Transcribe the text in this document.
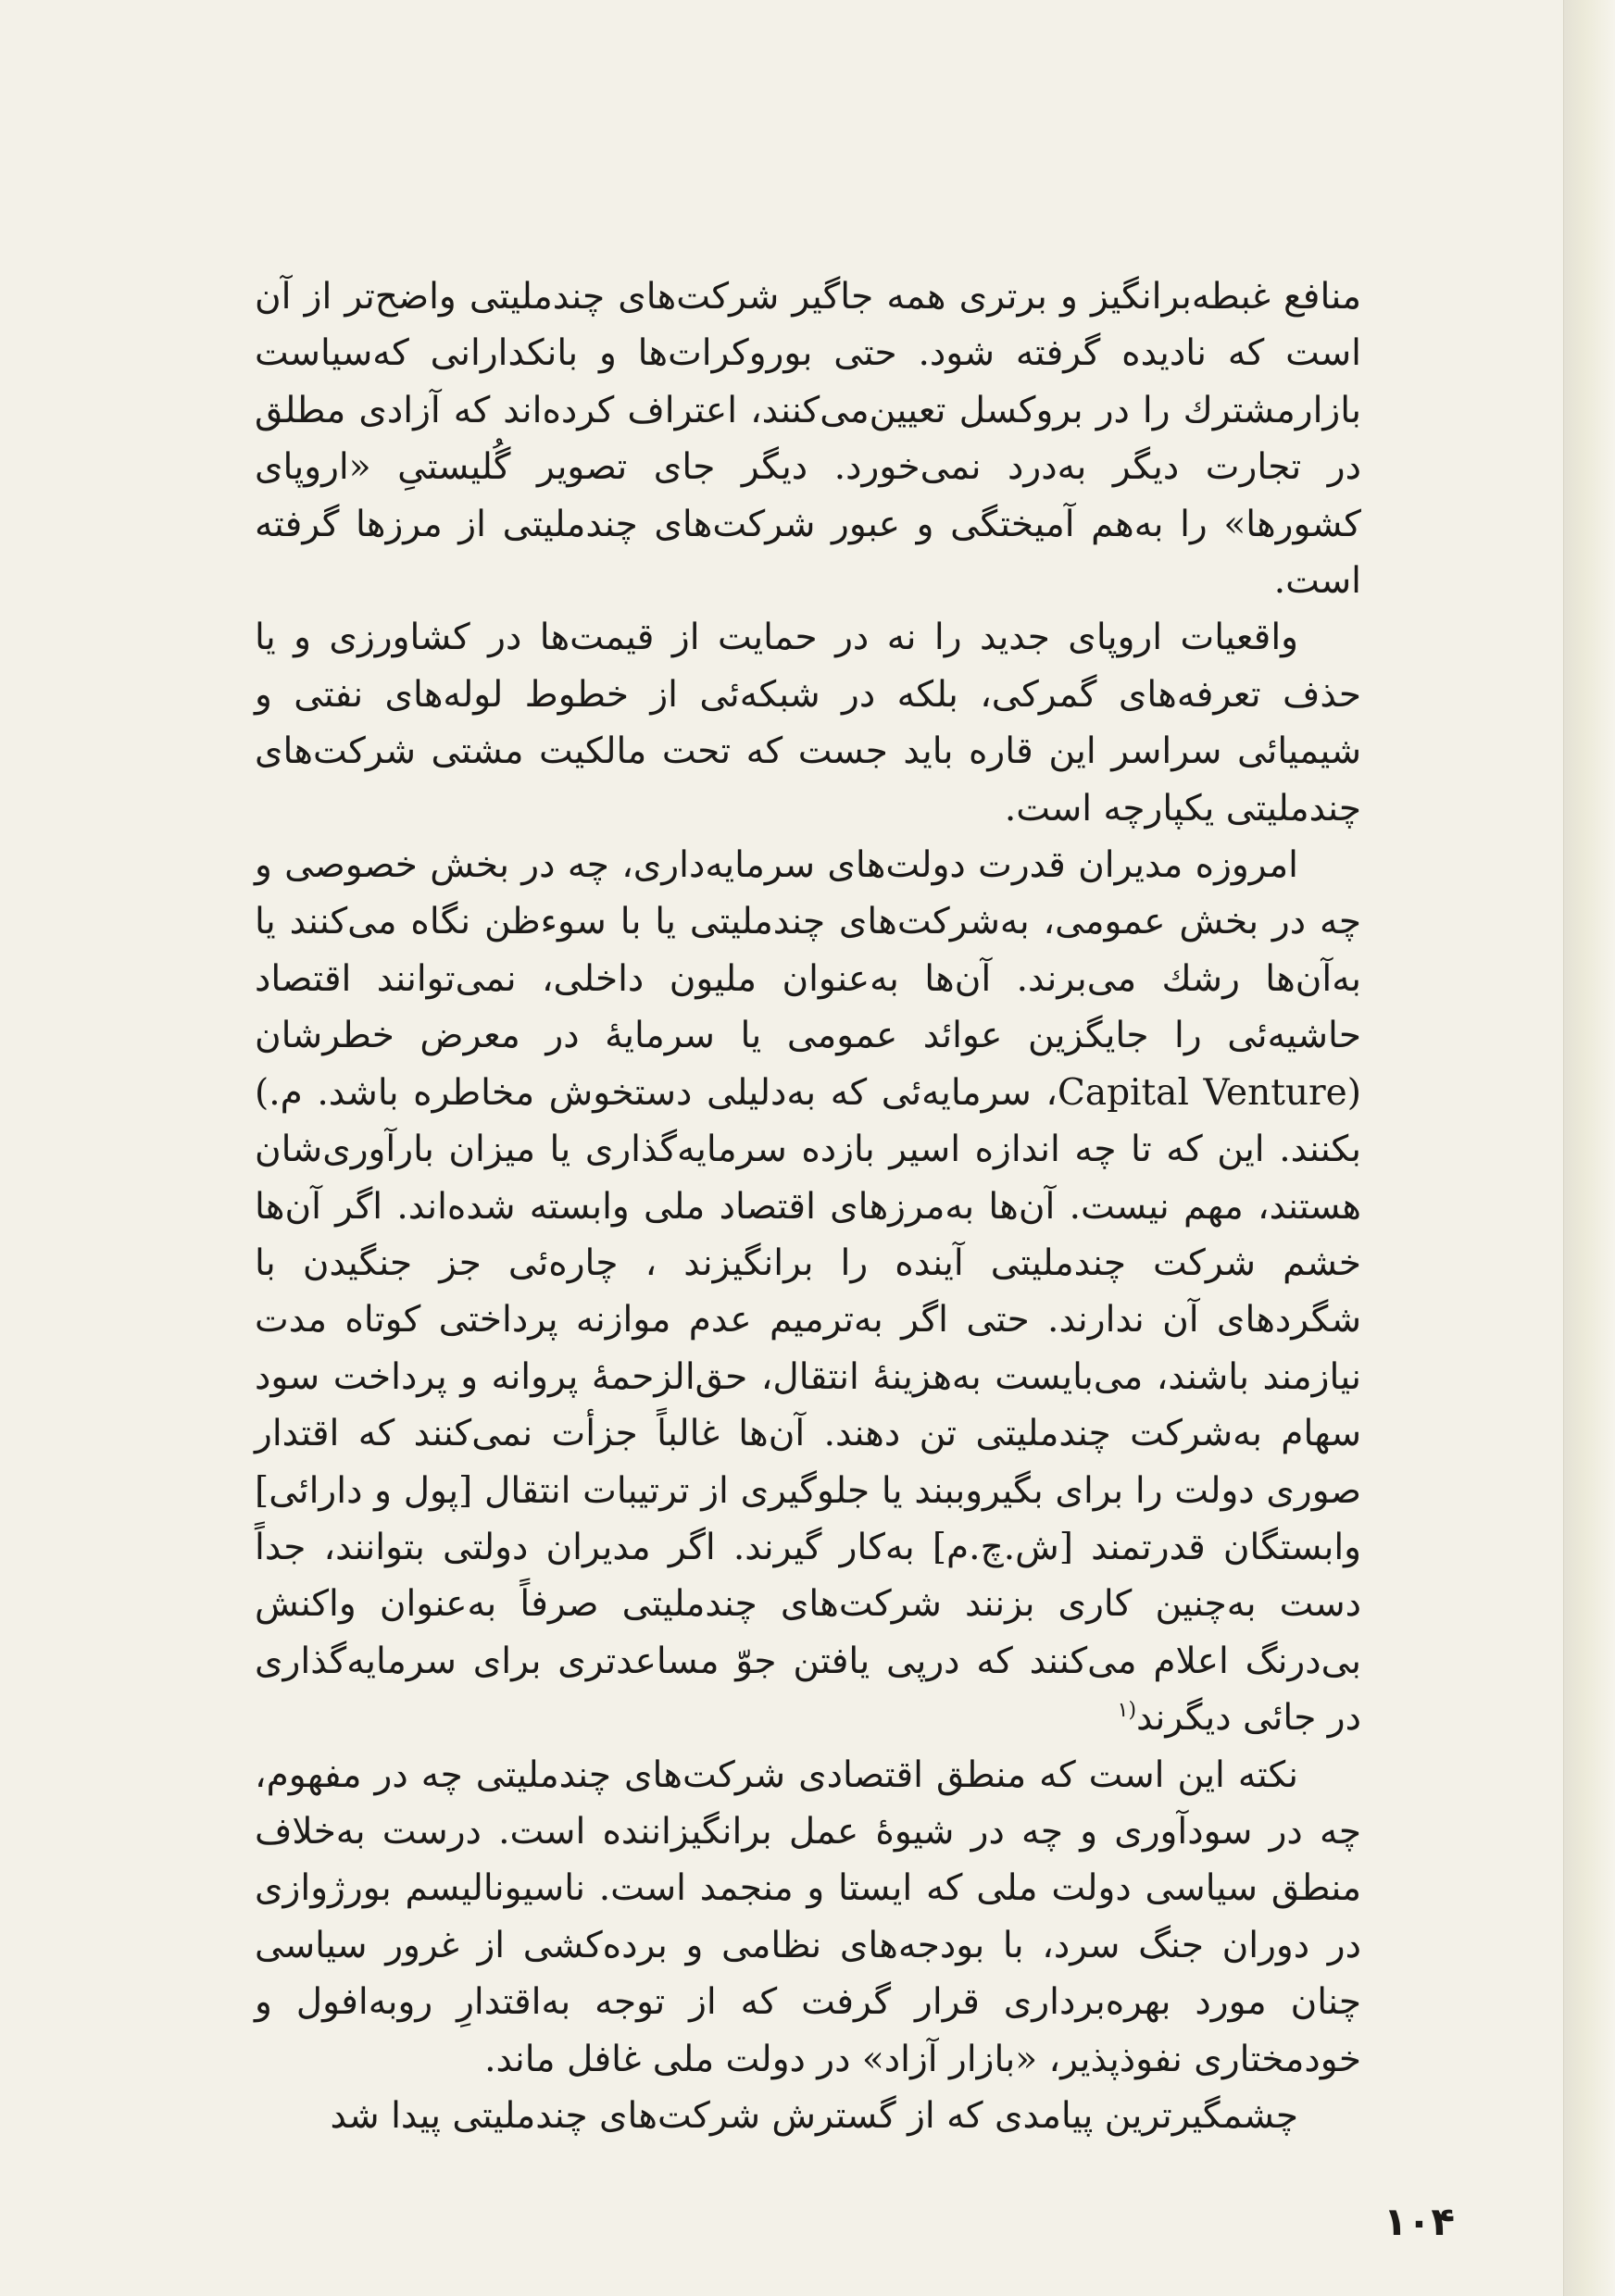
منافع غبطه‌برانگیز و برتری همه جاگیر شرکت‌های چندملیتی واضح‌تر از آن است که نادیده گرفته شود. حتی بوروکرات‌ها و بانکدارانی که‌سیاست بازارمشترك را در بروکسل تعیین‌می‌کنند، اعتراف کرده‌اند که آزادی مطلق در تجارت دیگر به‌درد نمی‌خورد. دیگر جای تصویر گُلیستیِ «اروپای کشورها» را به‌هم آمیختگی و عبور شرکت‌های چندملیتی از مرزها گرفته است.

واقعیات اروپای جدید را نه در حمایت از قیمت‌ها در کشاورزی و یا حذف تعرفه‌های گمرکی، بلکه در شبکه‌ئی از خطوط لوله‌های نفتی و شیمیائی سراسر این قاره باید جست که تحت مالکیت مشتی شرکت‌های چندملیتی یکپارچه است.

امروزه مدیران قدرت دولت‌های سرمایه‌داری، چه در بخش خصوصی و چه در بخش عمومی، به‌شرکت‌های چندملیتی یا با سوءظن نگاه می‌کنند یا به‌آن‌ها رشك می‌برند. آن‌ها به‌عنوان ملیون داخلی، نمی‌توانند اقتصاد حاشیه‌ئی را جایگزین عوائد عمومی یا سرمایهٔ در معرض خطرشان (Capital Venture، سرمایه‌ئی که به‌دلیلی دستخوش مخاطره باشد. م.) بکنند. این که تا چه اندازه اسیر بازده سرمایه‌گذاری یا میزان بارآوری‌شان هستند، مهم نیست. آن‌ها به‌مرزهای اقتصاد ملی وابسته شده‌اند. اگر آن‌ها خشم شرکت چندملیتی آینده را برانگیزند ، چاره‌ئی جز جنگیدن با شگردهای آن ندارند. حتی اگر به‌ترمیم عدم موازنه پرداختی کوتاه مدت نیازمند باشند، می‌بایست به‌هزینهٔ انتقال، حق‌الزحمهٔ پروانه و پرداخت سود سهام به‌شرکت چندملیتی تن دهند. آن‌ها غالباً جزأت نمی‌کنند که اقتدار صوری دولت را برای بگیروببند یا جلوگیری از ترتیبات انتقال [پول و دارائی] وابستگان قدرتمند [ش.چ.م] به‌کار گیرند. اگر مدیران دولتی بتوانند، جداً دست به‌چنین کاری بزنند شرکت‌های چندملیتی صرفاً به‌عنوان واکنش بی‌درنگ اعلام می‌کنند که درپی یافتن جوّ مساعدتری برای سرمایه‌گذاری در جائی دیگرند$^{(۱}$

نکته این است که منطق اقتصادی شرکت‌های چندملیتی چه در مفهوم، چه در سودآوری و چه در شیوهٔ عمل برانگیزاننده است. درست به‌خلاف منطق سیاسی دولت ملی که ایستا و منجمد است. ناسیونالیسم بورژوازی در دوران جنگ سرد، با بودجه‌های نظامی و برده‌کشی از غرور سیاسی چنان مورد بهره‌برداری قرار گرفت که از توجه به‌اقتدارِ روبه‌افول و خودمختاری نفوذپذیر، «بازار آزاد» در دولت ملی غافل ماند.

چشمگیرترین پیامدی که از گسترش شرکت‌های چندملیتی پیدا شد

۱۰۴
